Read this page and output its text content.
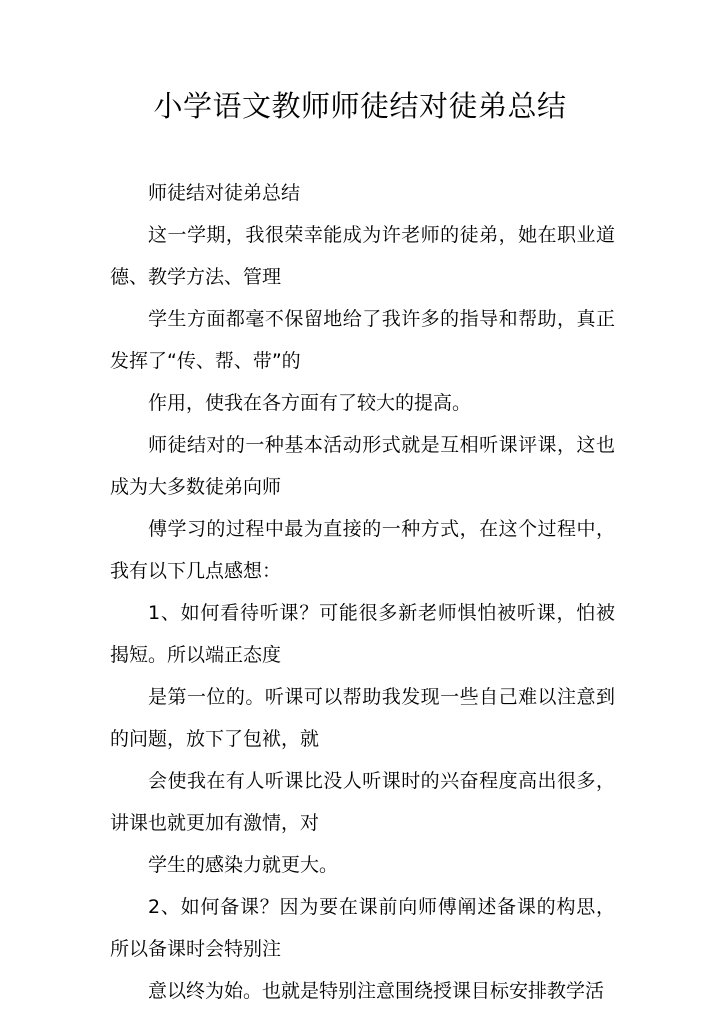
小学语文教师师徒结对徒弟总结

师徒结对徒弟总结

这一学期，我很荣幸能成为许老师的徒弟，她在职业道德、教学方法、管理

学生方面都毫不保留地给了我许多的指导和帮助，真正发挥了“传、帮、带”的

作用，使我在各方面有了较大的提高。

师徒结对的一种基本活动形式就是互相听课评课，这也成为大多数徒弟向师

傅学习的过程中最为直接的一种方式，在这个过程中，我有以下几点感想：

1、如何看待听课？可能很多新老师惧怕被听课，怕被揭短。所以端正态度

是第一位的。听课可以帮助我发现一些自己难以注意到的问题，放下了包袱，就

会使我在有人听课比没人听课时的兴奋程度高出很多，讲课也就更加有激情，对

学生的感染力就更大。

2、如何备课？因为要在课前向师傅阐述备课的构思，所以备课时会特别注

意以终为始。也就是特别注意围绕授课目标安排教学活
